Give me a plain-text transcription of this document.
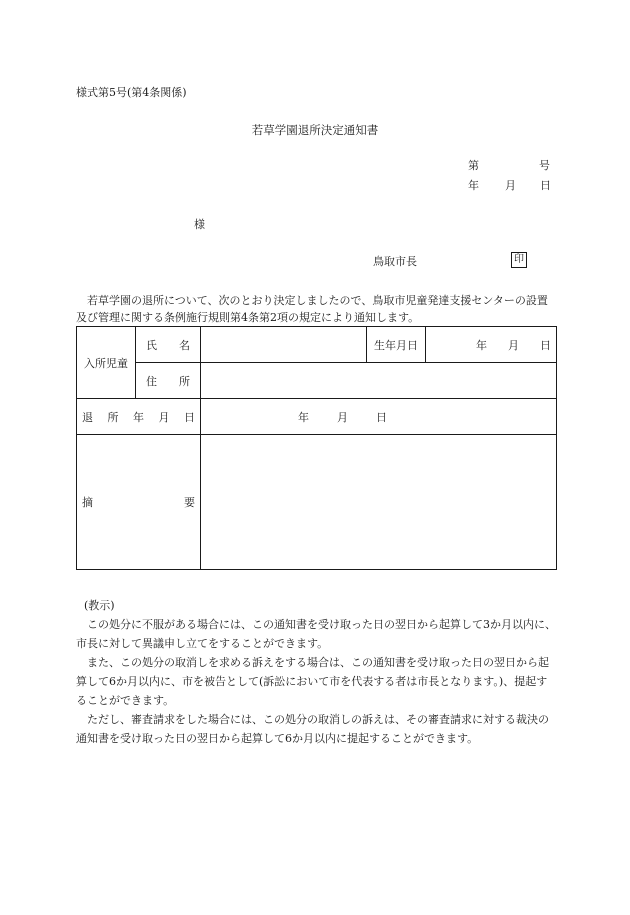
様式第5号(第4条関係)
若草学園退所決定通知書
第	号
年 月 日
様
鳥取市長	印
若草学園の退所について、次のとおり決定しましたので、鳥取市児童発達支援センターの設置及び管理に関する条例施行規則第4条第2項の規定により通知します。
入所児童	氏 名		生年月日	年 月 日

	住 所			

退 所 年 月 日		年 月 日		

摘 要				

(教示)

この処分に不服がある場合には、この通知書を受け取った日の翌日から起算して3か月以内に、市長に対して異議申し立てをすることができます。

また、この処分の取消しを求める訴えをする場合は、この通知書を受け取った日の翌日から起算して6か月以内に、市を被告として(訴訟において市を代表する者は市長となります。)、提起することができます。

ただし、審査請求をした場合には、この処分の取消しの訴えは、その審査請求に対する裁決の通知書を受け取った日の翌日から起算して6か月以内に提起することができます。
